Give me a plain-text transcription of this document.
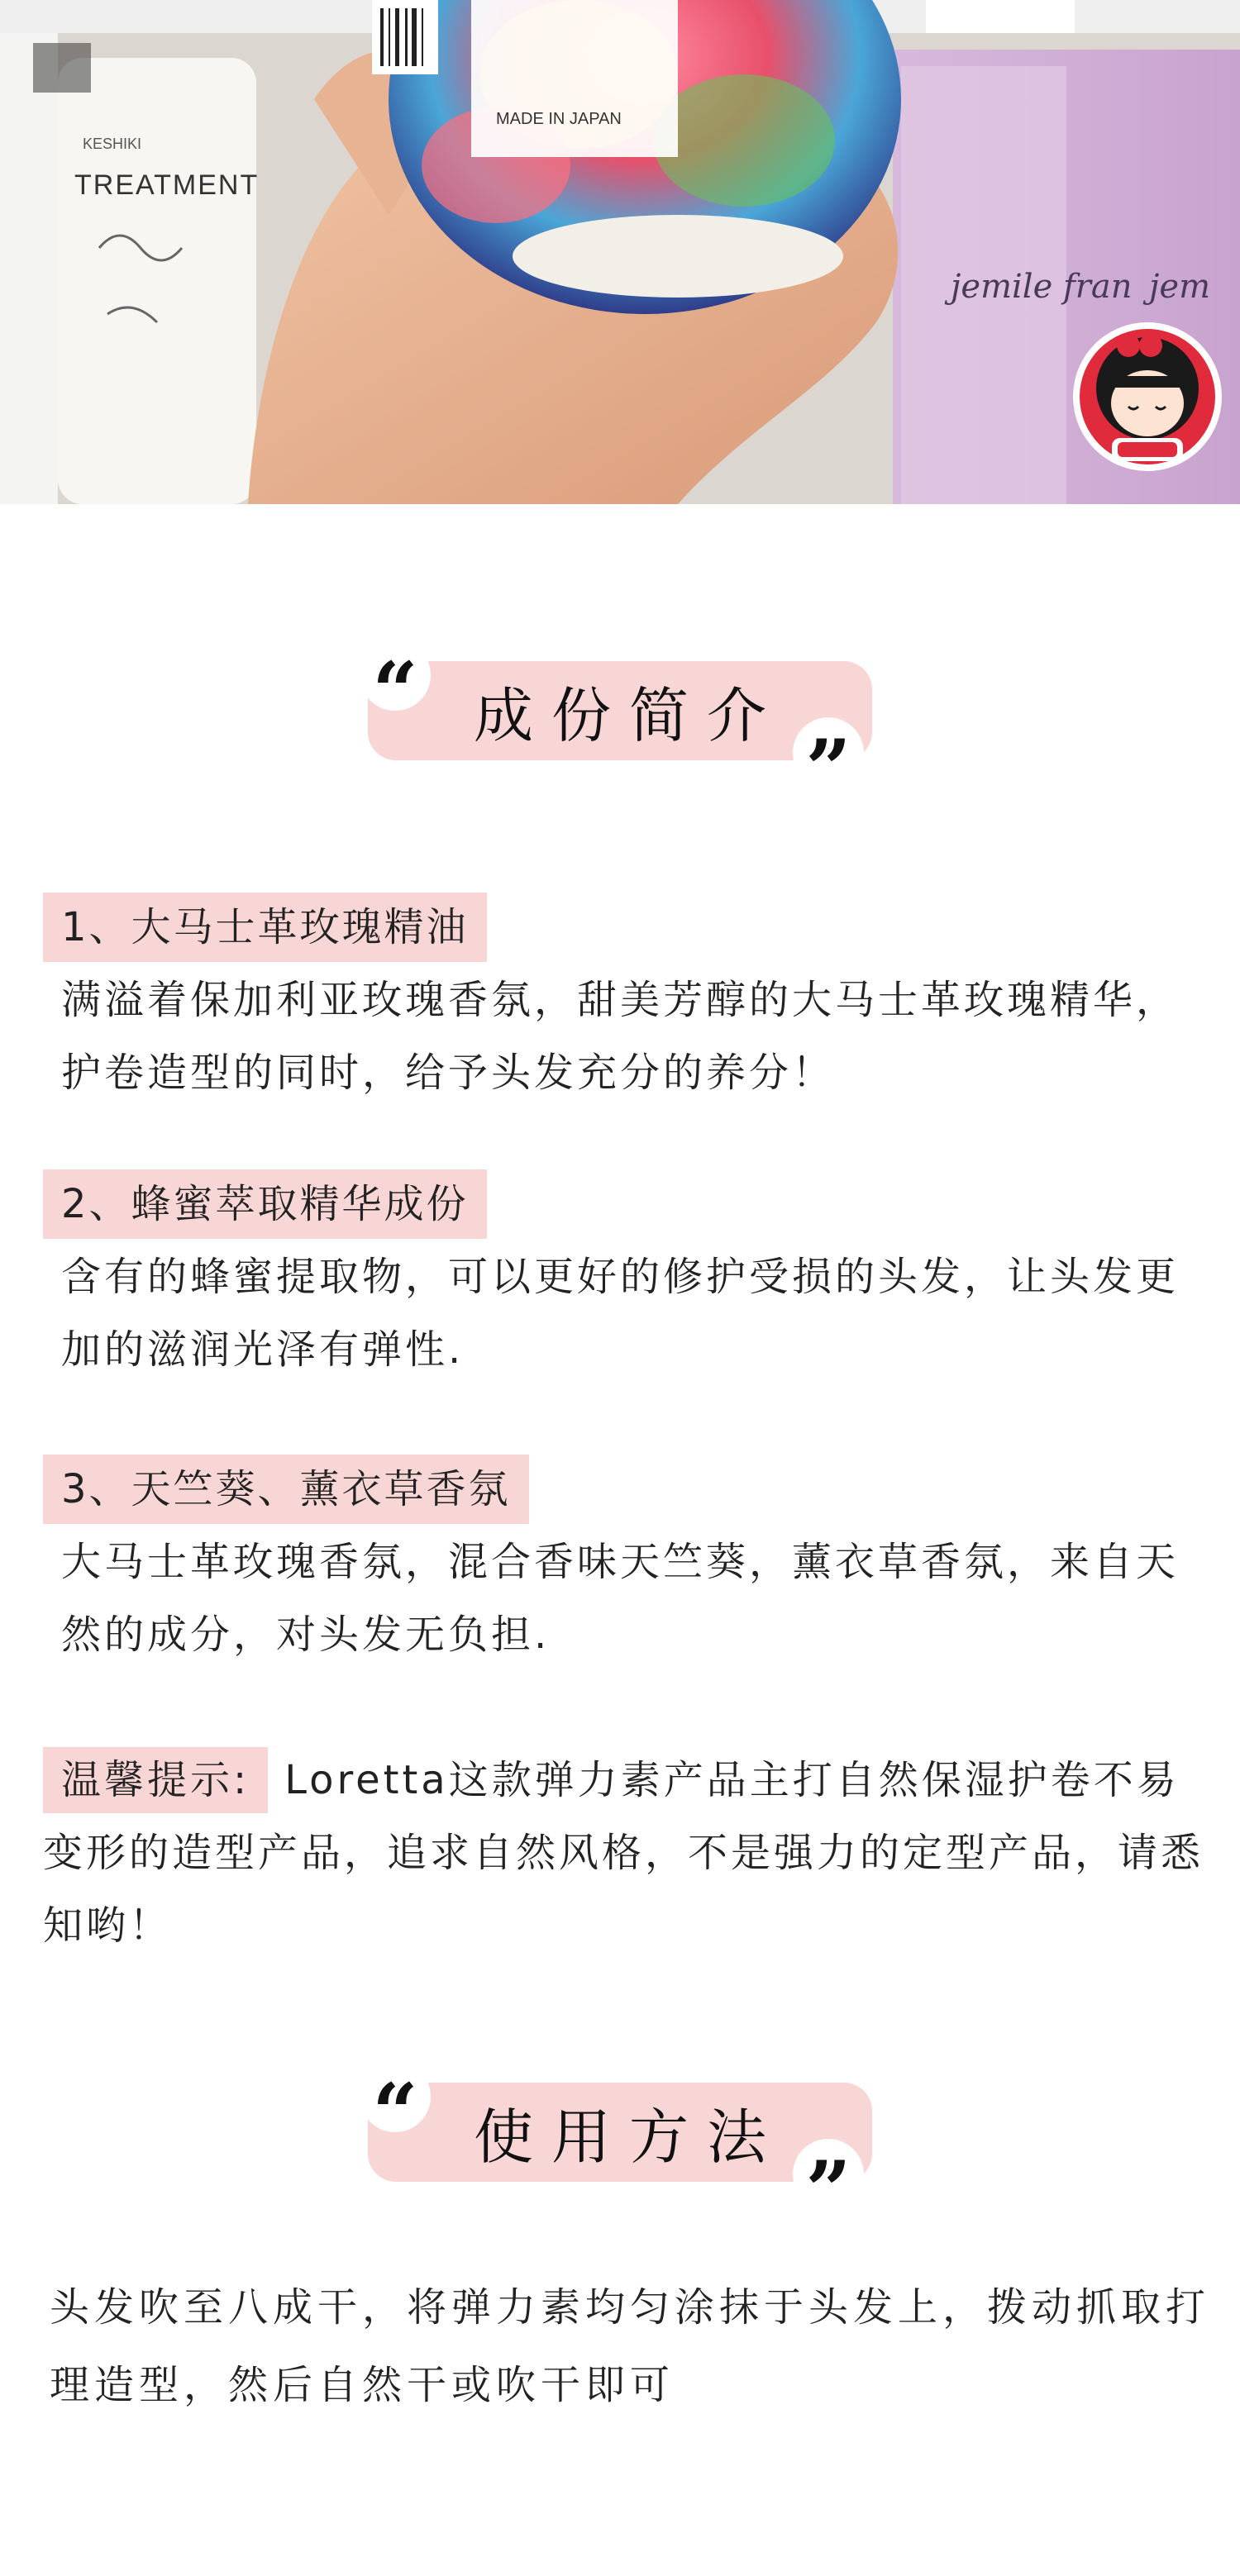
KESHIKI
TREATMENT
jemile fran jem
MADE IN JAPAN
“ 成份简介
”
1、大马士革玫瑰精油
满溢着保加利亚玫瑰香氛，甜美芳醇的大马士革玫瑰精华，护卷造型的同时，给予头发充分的养分！
2、蜂蜜萃取精华成份
含有的蜂蜜提取物，可以更好的修护受损的头发，让头发更加的滋润光泽有弹性.
3、天竺葵、薰衣草香氛
大马士革玫瑰香氛，混合香味天竺葵，薰衣草香氛，来自天然的成分，对头发无负担.
温馨提示: Loretta这款弹力素产品主打自然保湿护卷不易变形的造型产品，追求自然风格，不是强力的定型产品，请悉知哟！
“ 使用方法
”
头发吹至八成干，将弹力素均匀涂抹于头发上，拨动抓取打理造型，然后自然干或吹干即可
